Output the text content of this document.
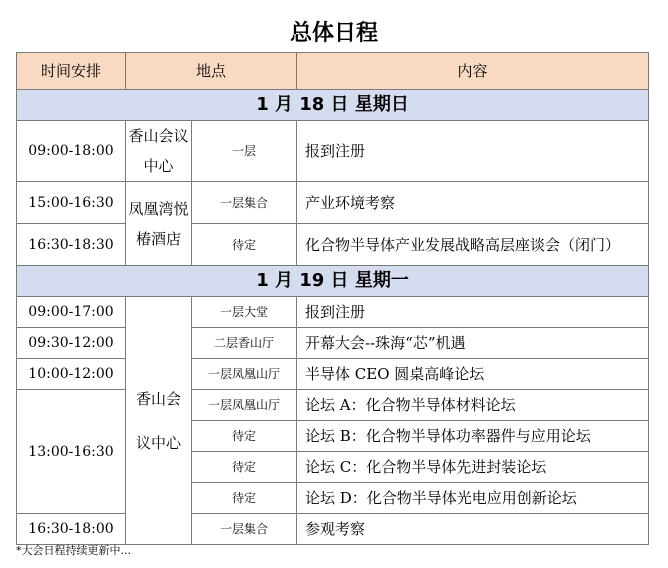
总体日程
时间安排	地点		内容
1 月 18 日 星期日			
09:00-18:00	香山会议中心	一层	报到注册
15:00-16:30	凤凰湾悦椿酒店	一层集合	产业环境考察
16:30-18:30		待定	化合物半导体产业发展战略高层座谈会（闭门）
1 月 19 日 星期一			
09:00-17:00	香山会议中心	一层大堂	报到注册
09:30-12:00		二层香山厅	开幕大会--珠海“芯”机遇
10:00-12:00		一层凤凰山厅	半导体 CEO 圆桌高峰论坛
13:00-16:30		一层凤凰山厅	论坛 A：化合物半导体材料论坛
		待定	论坛 B：化合物半导体功率器件与应用论坛
		待定	论坛 C：化合物半导体先进封装论坛
		待定	论坛 D：化合物半导体光电应用创新论坛
16:30-18:00		一层集合	参观考察
*大会日程持续更新中...
